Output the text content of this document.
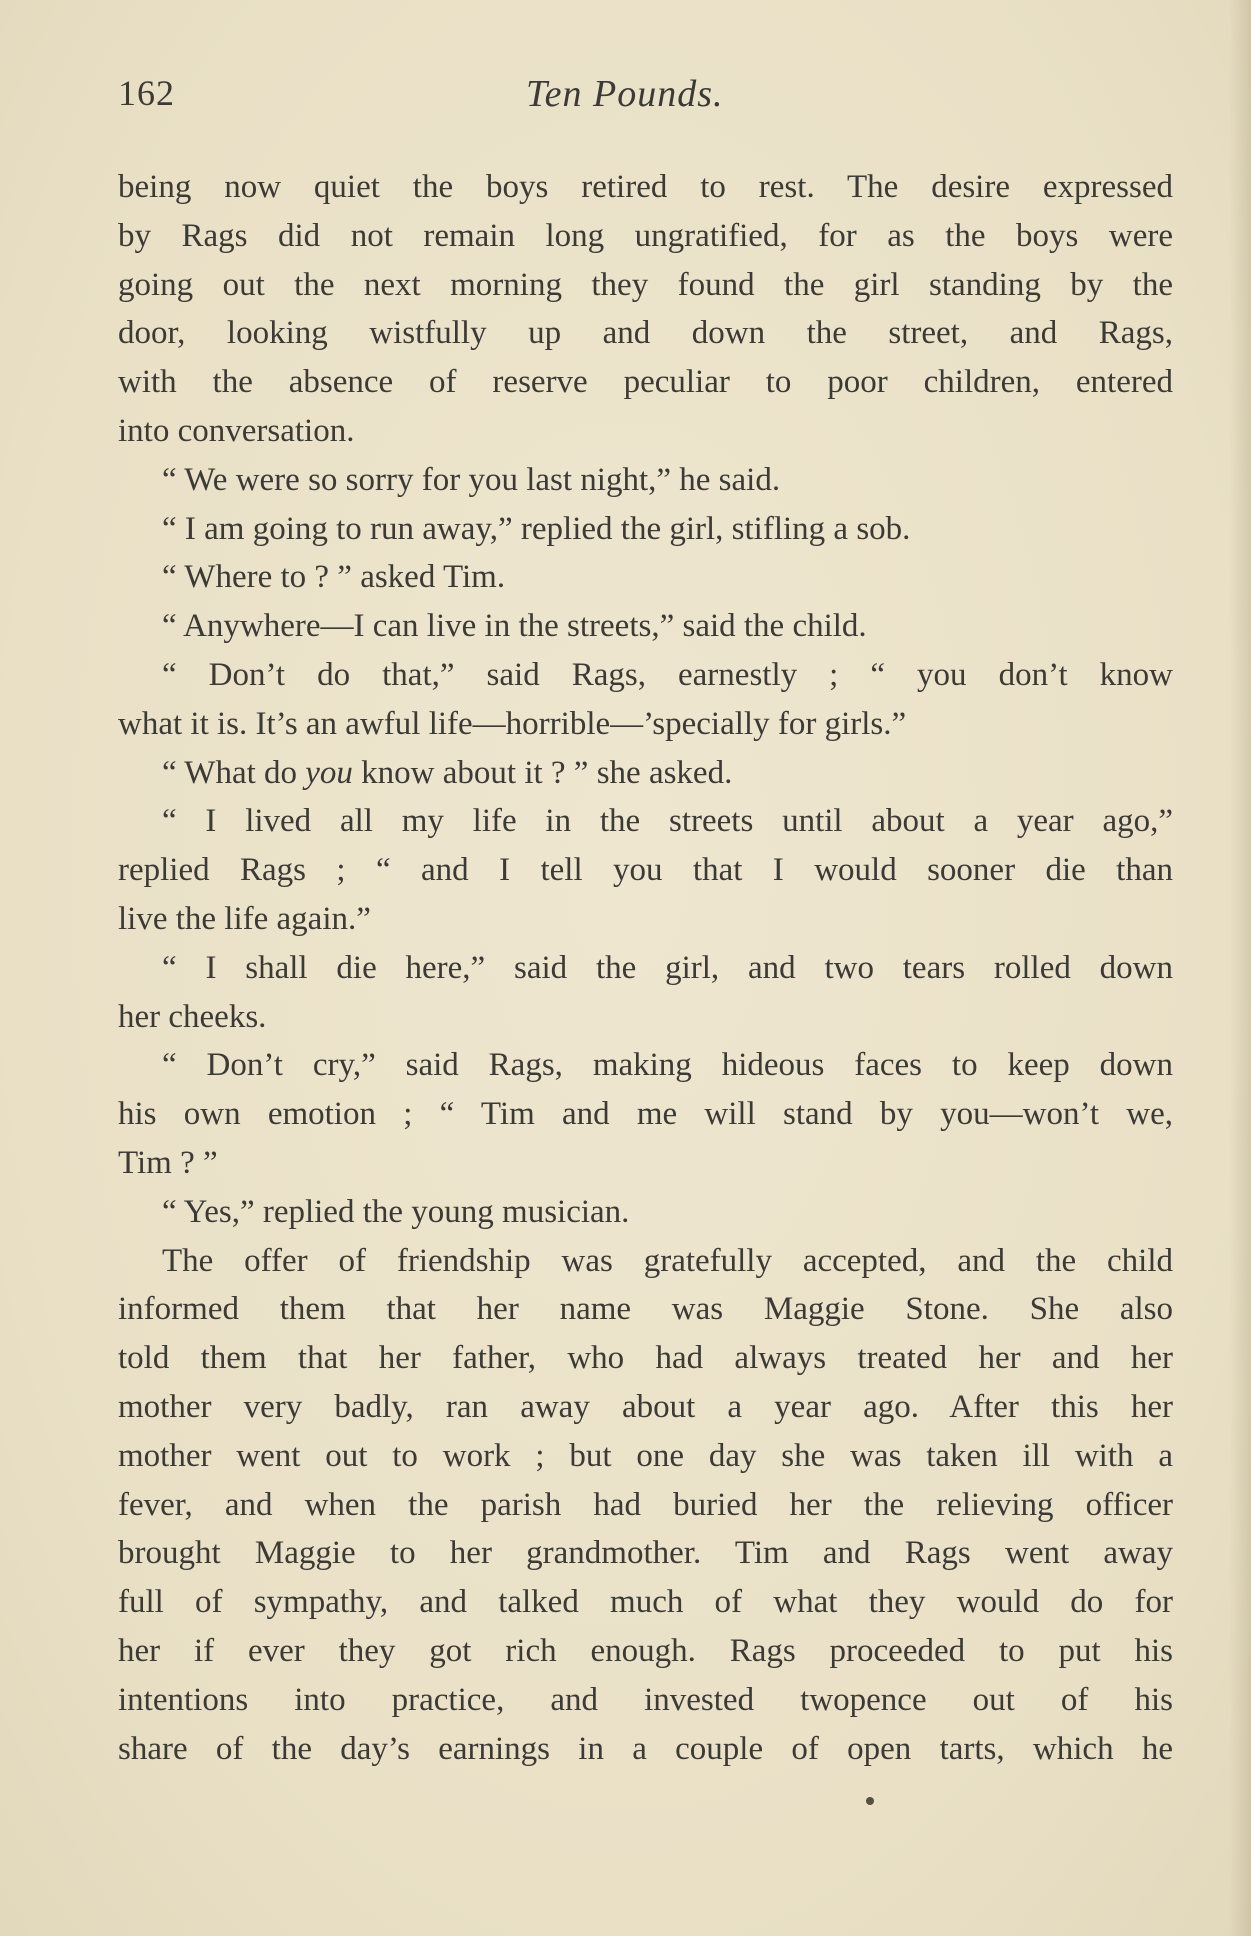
162	Ten Pounds.
being now quiet the boys retired to rest. The desire expressed
by Rags did not remain long ungratified, for as the boys were
going out the next morning they found the girl standing by the
door, looking wistfully up and down the street, and Rags,
with the absence of reserve peculiar to poor children, entered
into conversation.
“ We were so sorry for you last night,” he said.
“ I am going to run away,” replied the girl, stifling a sob.
“ Where to ? ” asked Tim.
“ Anywhere—I can live in the streets,” said the child.
“ Don’t do that,” said Rags, earnestly ; “ you don’t know
what it is. It’s an awful life—horrible—’specially for girls.”
“ What do you know about it ? ” she asked.
“ I lived all my life in the streets until about a year ago,”
replied Rags ; “ and I tell you that I would sooner die than
live the life again.”
“ I shall die here,” said the girl, and two tears rolled down
her cheeks.
“ Don’t cry,” said Rags, making hideous faces to keep down
his own emotion ; “ Tim and me will stand by you—won’t we,
Tim ? ”
“ Yes,” replied the young musician.
The offer of friendship was gratefully accepted, and the child
informed them that her name was Maggie Stone. She also
told them that her father, who had always treated her and her
mother very badly, ran away about a year ago. After this her
mother went out to work ; but one day she was taken ill with a
fever, and when the parish had buried her the relieving officer
brought Maggie to her grandmother. Tim and Rags went away
full of sympathy, and talked much of what they would do for
her if ever they got rich enough. Rags proceeded to put his
intentions into practice, and invested twopence out of his
share of the day’s earnings in a couple of open tarts, which he
